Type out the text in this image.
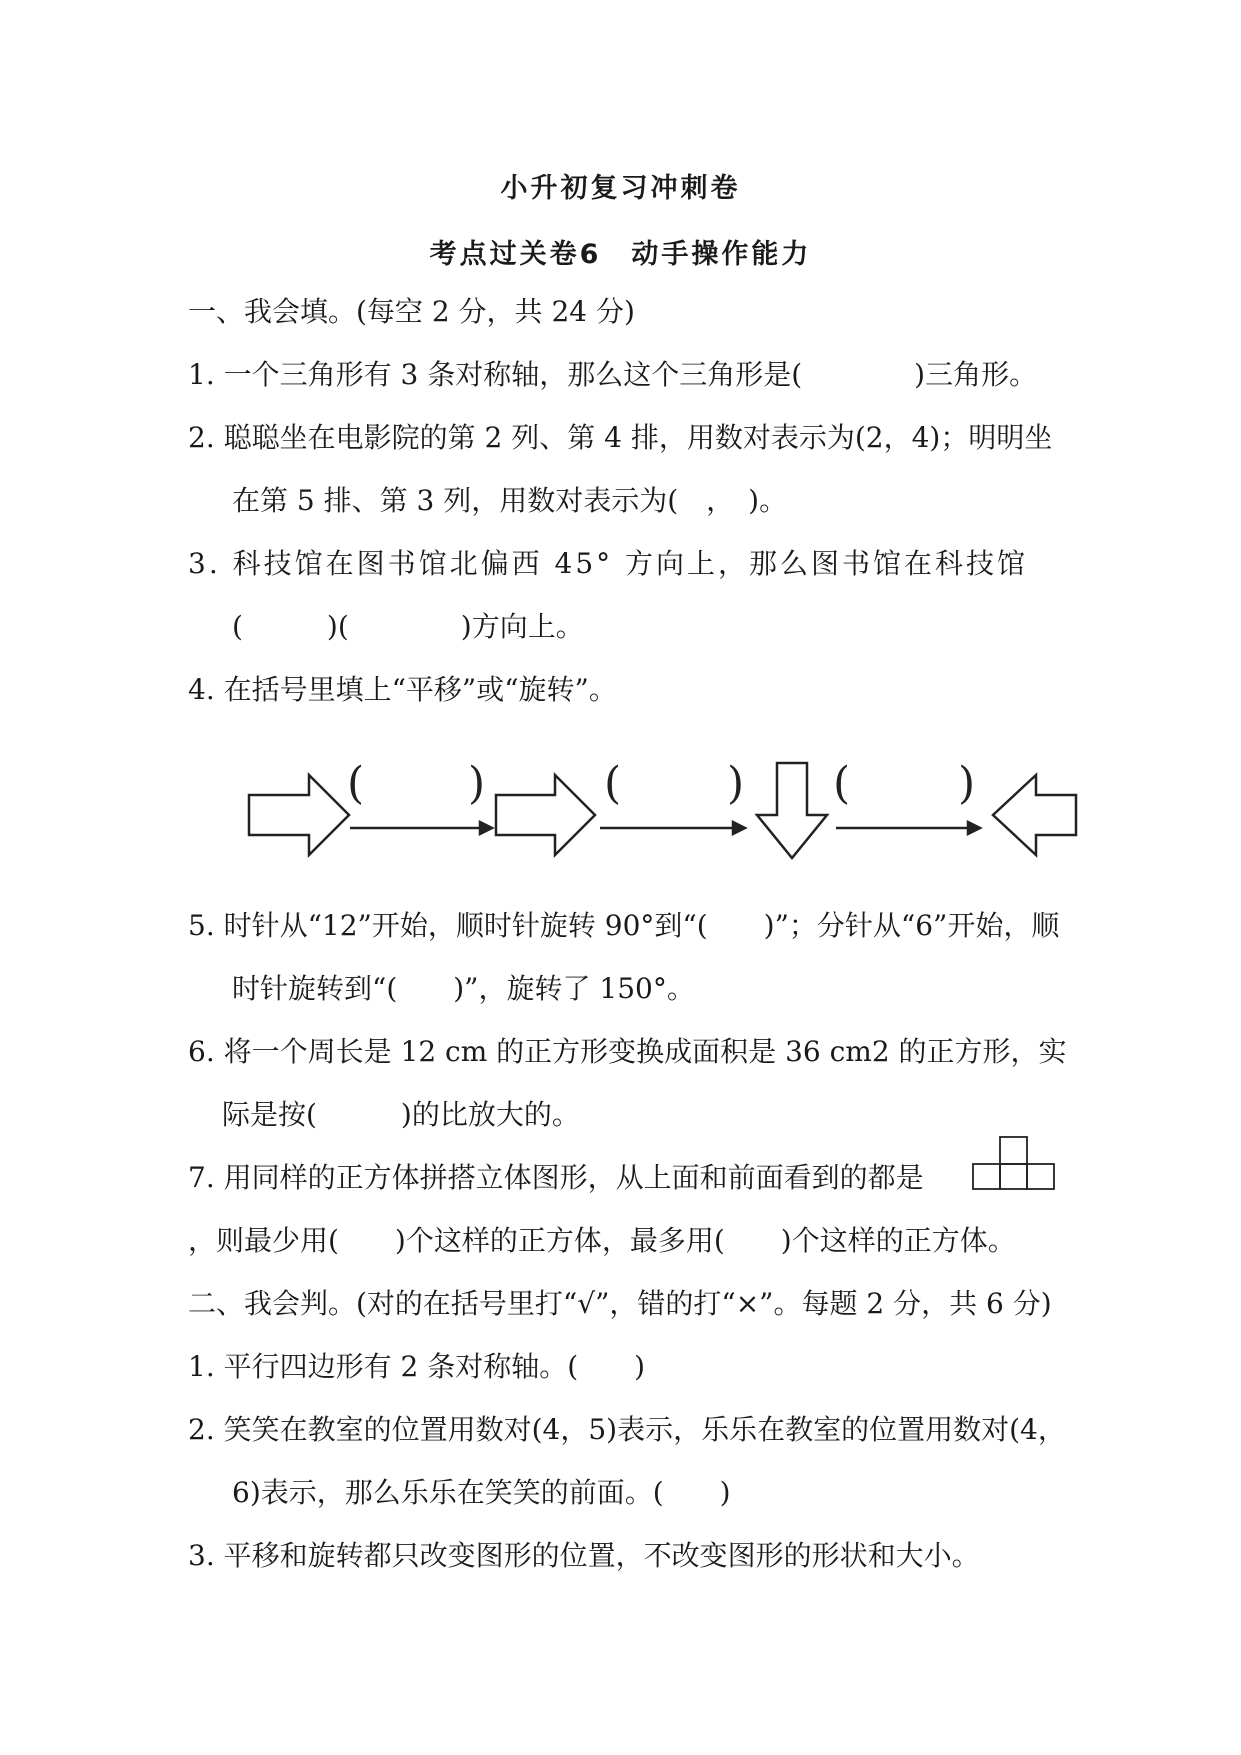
小升初复习冲刺卷
考点过关卷6　动手操作能力
一、我会填。(每空 2 分，共 24 分)
1. 一个三角形有 3 条对称轴，那么这个三角形是(　　　　)三角形。
2. 聪聪坐在电影院的第 2 列、第 4 排，用数对表示为(2，4)；明明坐
在第 5 排、第 3 列，用数对表示为(　，　)。
3. 科技馆在图书馆北偏西 45° 方向上，那么图书馆在科技馆
(　　　)(　　　　)方向上。
4. 在括号里填上“平移”或“旋转”。
( )	( ) ( )
5. 时针从“12”开始，顺时针旋转 90°到“(　　)”；分针从“6”开始，顺
时针旋转到“(　　)”，旋转了 150°。
6. 将一个周长是 12 cm 的正方形变换成面积是 36 cm2 的正方形，实
际是按(　　　)的比放大的。
7. 用同样的正方体拼搭立体图形，从上面和前面看到的都是
，则最少用(　　)个这样的正方体，最多用(　　)个这样的正方体。
二、我会判。(对的在括号里打“√”，错的打“×”。每题 2 分，共 6 分)
1. 平行四边形有 2 条对称轴。(　　)
2. 笑笑在教室的位置用数对(4，5)表示，乐乐在教室的位置用数对(4，
6)表示，那么乐乐在笑笑的前面。(　　)
3. 平移和旋转都只改变图形的位置，不改变图形的形状和大小。
